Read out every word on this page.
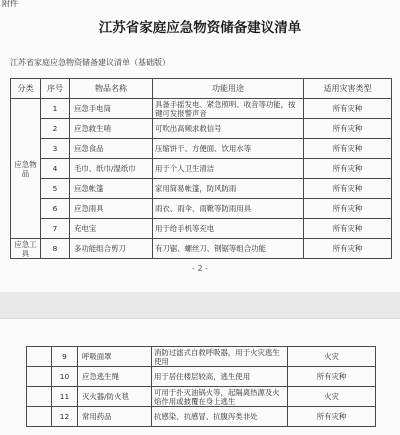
附件
江苏省家庭应急物资储备建议清单
江苏省家庭应急物资储备建议清单（基础版）
分类	序号	物品名称	功能用途	适用灾害类型
应急物品	1	应急手电筒	具备手摇发电、紧急照明、收音等功能，按键可发报警声音	所有灾种
	2	应急救生哨	可吹出高频求救信号	所有灾种
	3	应急食品	压缩饼干、方便面、饮用水等	所有灾种
	4	毛巾、纸巾/湿纸巾	用于个人卫生清洁	所有灾种
	5	应急帐篷	家用简易帐篷，防风防雨	所有灾种
	6	应急雨具	雨衣、雨伞、雨靴等防雨用具	所有灾种
	7	充电宝	用于给手机等充电	所有灾种
应急工具	8	多功能组合剪刀	有刀锯、螺丝刀、钢锯等组合功能	所有灾种
- 2 -
	9	呼吸面罩	消防过滤式自救呼吸器，用于火灾逃生使用	火灾
	10	应急逃生绳	用于居住楼层较高，逃生使用	所有灾种
	11	灭火器/防火毯	可用于扑灭油锅火等，起隔离热源及火焰作用或披覆在身上逃生	火灾
	12	常用药品	抗感染、抗感冒、抗腹泻类非处	所有灾种
